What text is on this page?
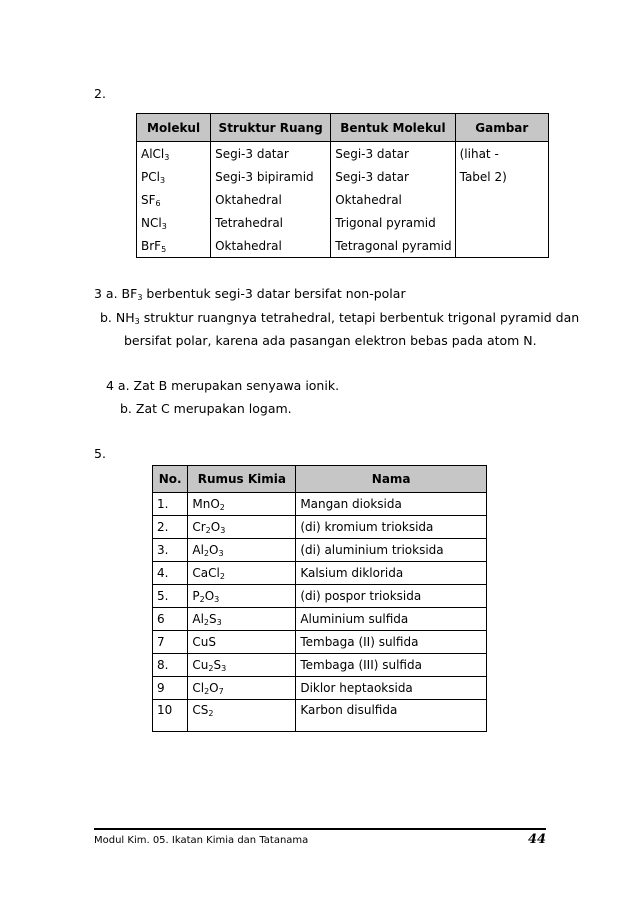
2.
Molekul	Struktur Ruang	Bentuk Molekul	Gambar
AlCl$_3$	Segi-3 datar	Segi-3 datar	(lihat -
PCl$_3$	Segi-3 bipiramid	Segi-3 datar	Tabel 2)
$SF_6$	Oktahedral	Oktahedral	
NCl$_3$	Tetrahedral	Trigonal pyramid	
BrF$_5$	Oktahedral	Tetragonal pyramid	
3 a. $BF_3$ berbentuk segi-3 datar bersifat non-polar
b. $NH_3$ struktur ruangnya tetrahedral, tetapi berbentuk trigonal pyramid dan
bersifat polar, karena ada pasangan elektron bebas pada atom N.
4 a. Zat B merupakan senyawa ionik.
b. Zat C merupakan logam.
5.
No.	Rumus Kimia	Nama
1.	MnO$_2$	Mangan dioksida
2.	$Cr_2O_3$	(di) kromium trioksida
3.	$Al_2O_3$	(di) aluminium trioksida
4.	CaCl$_2$	Kalsium diklorida
5.	$P_2O_3$	(di) pospor trioksida
6	$Al_2S_3$	Aluminium sulfida
7	CuS	Tembaga (II) sulfida
8.	$Cu_2S_3$	Tembaga (III) sulfida
9	$Cl_2O_7$	Diklor heptaoksida
10	$CS_2$	Karbon disulfida
Modul Kim. 05. Ikatan Kimia dan Tatanama	44
